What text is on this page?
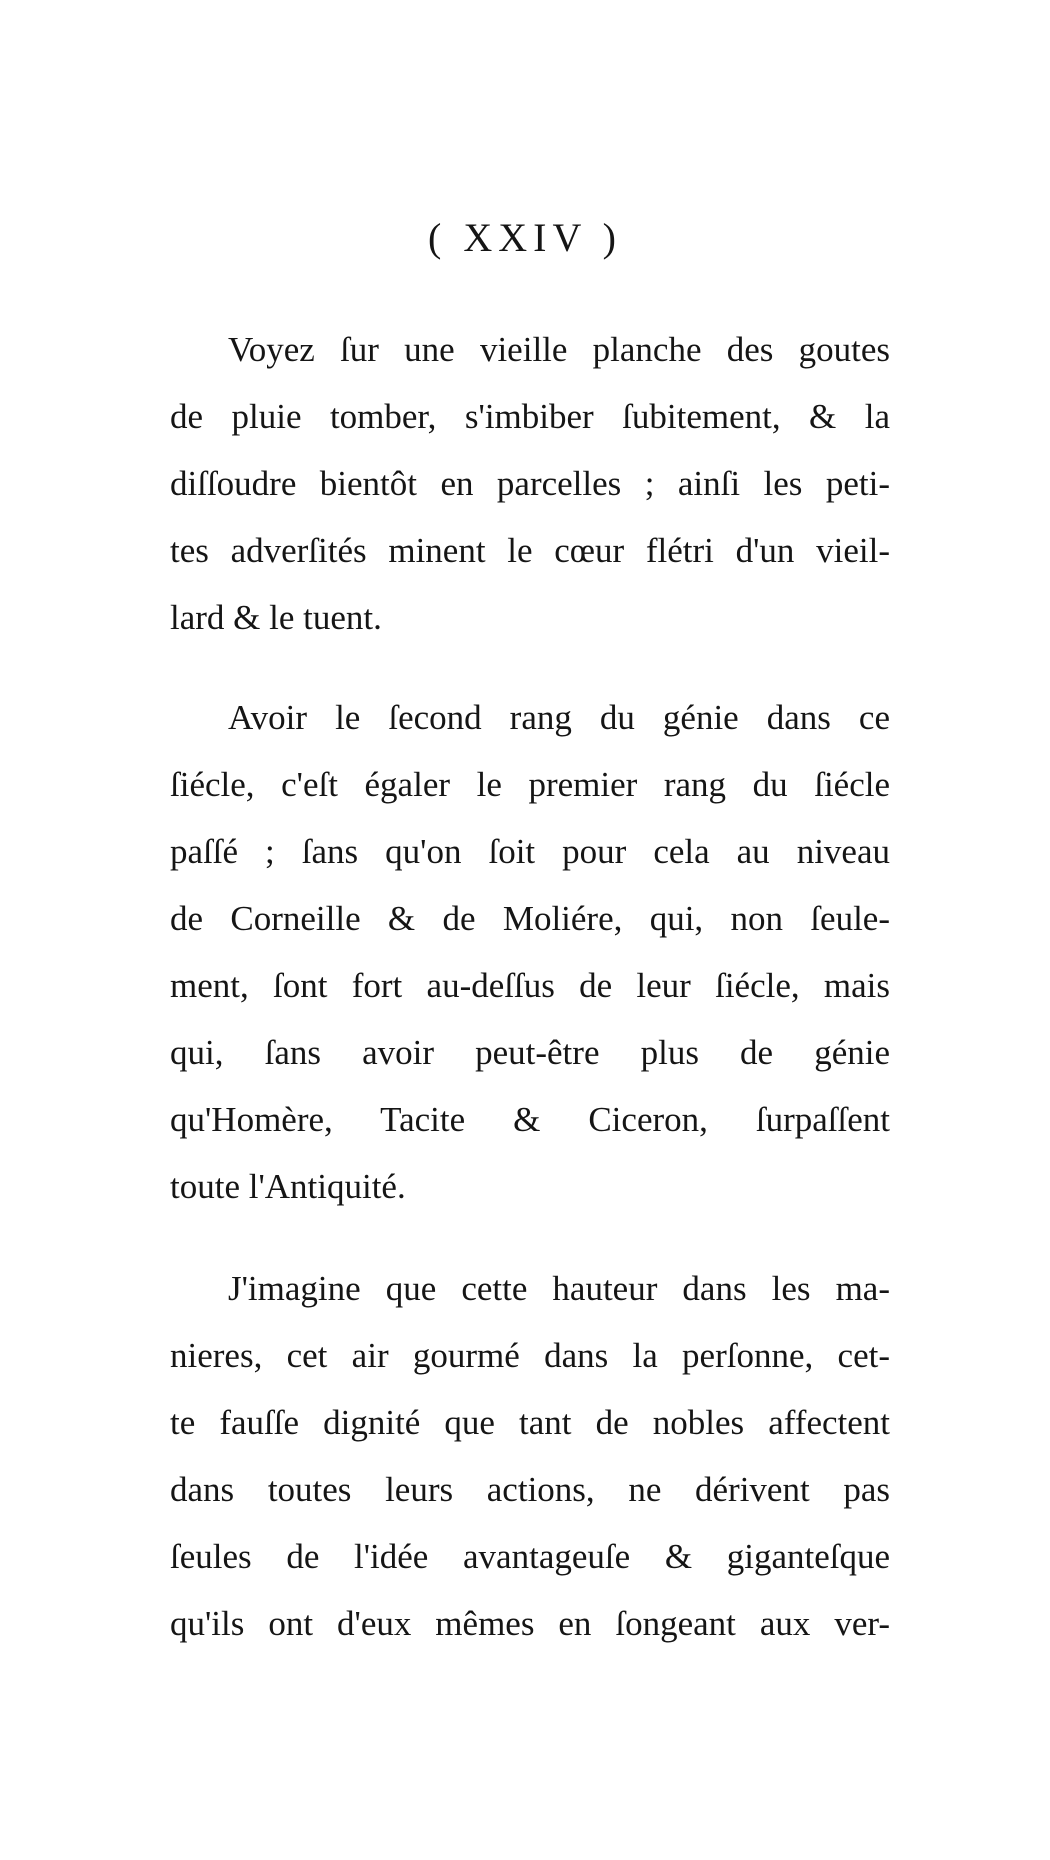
( XXIV )
Voyez ſur une vieille planche des goutes
de pluie tomber, s'imbiber ſubitement, & la
diſſoudre bientôt en parcelles ; ainſi les peti-
tes adverſités minent le cœur flétri d'un vieil-
lard & le tuent.
Avoir le ſecond rang du génie dans ce
ſiécle, c'eſt égaler le premier rang du ſiécle
paſſé ; ſans qu'on ſoit pour cela au niveau
de Corneille & de Moliére, qui, non ſeule-
ment, ſont fort au-deſſus de leur ſiécle, mais
qui, ſans avoir peut-être plus de génie
qu'Homère, Tacite & Ciceron, ſurpaſſent
toute l'Antiquité.
J'imagine que cette hauteur dans les ma-
nieres, cet air gourmé dans la perſonne, cet-
te fauſſe dignité que tant de nobles affectent
dans toutes leurs actions, ne dérivent pas
ſeules de l'idée avantageuſe & giganteſque
qu'ils ont d'eux mêmes en ſongeant aux ver-
